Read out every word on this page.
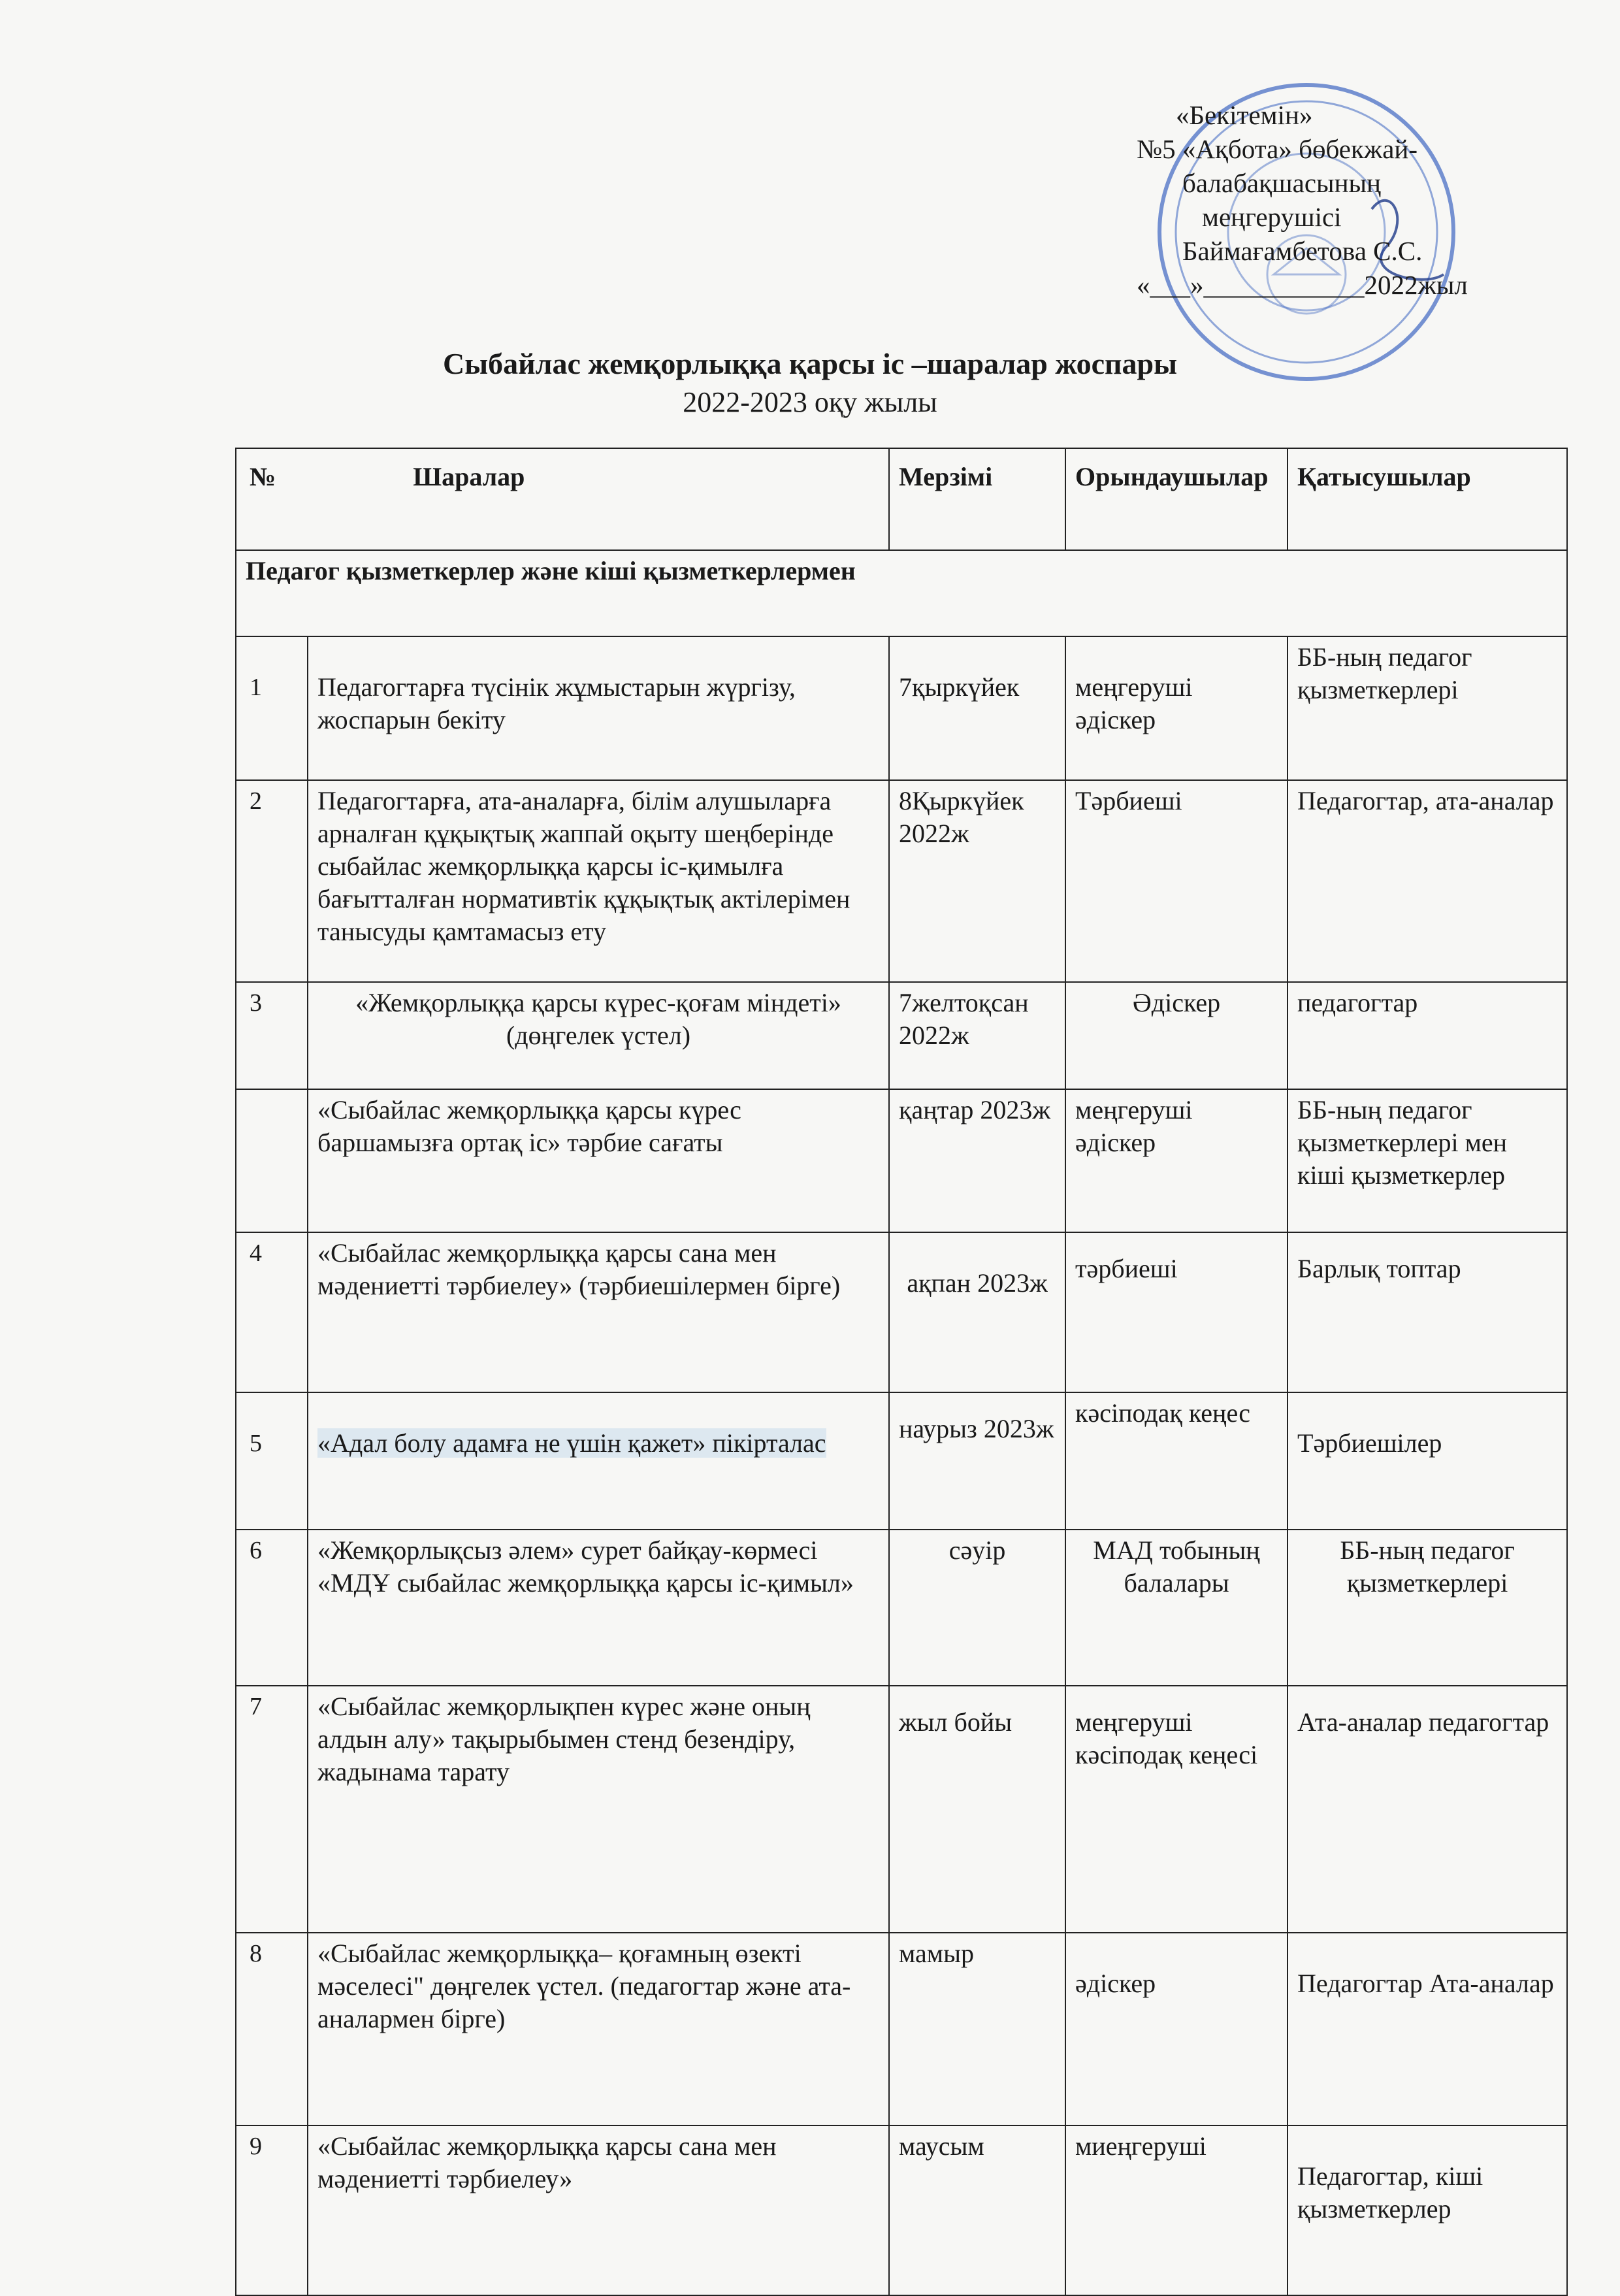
«Бекітемін»
№5 «Ақбота» бөбекжай-
балабақшасының
меңгерушісі
Баймағамбетова С.С.
«___»____________2022жыл
Сыбайлас жемқорлыққа қарсы іс –шаралар жоспары
2022-2023 оқу жылы
№ Шаралар		Мерзімі	Орындаушылар	Қатысушылар
Педагог қызметкерлер және кіші қызметкерлермен				
1	Педагогтарға түсінік жұмыстарын жүргізу, жоспарын бекіту	7қыркүйек	меңгеруші әдіскер	ББ-ның педагог қызметкерлері
2	Педагогтарға, ата-аналарға, білім алушыларға арналған құқықтық жаппай оқыту шеңберінде сыбайлас жемқорлыққа қарсы іс-қимылға бағытталған нормативтік құқықтық актілерімен танысуды қамтамасыз ету	8Қыркүйек 2022ж	Тәрбиеші	Педагогтар, ата-аналар
3	«Жемқорлыққа қарсы күрес-қоғам міндеті» (дөңгелек үстел)	7желтоқсан 2022ж	Әдіскер	педагогтар
	«Сыбайлас жемқорлыққа қарсы күрес баршамызға ортақ іс» тәрбие сағаты	қаңтар 2023ж	меңгеруші әдіскер	ББ-ның педагог қызметкерлері мен кіші қызметкерлер
4	«Сыбайлас жемқорлыққа қарсы сана мен мәдениетті тәрбиелеу» (тәрбиешілермен бірге)	ақпан 2023ж	тәрбиеші	Барлық топтар
5	«Адал болу адамға не үшін қажет» пікірталас	наурыз 2023ж	кәсіподақ кеңес	Тәрбиешілер
6	«Жемқорлықсыз әлем» сурет байқау-көрмесі «МДҰ сыбайлас жемқорлыққа қарсы іс-қимыл»	сәуір	МАД тобының балалары	ББ-ның педагог қызметкерлері
7	«Сыбайлас жемқорлықпен күрес және оның алдын алу» тақырыбымен стенд безендіру, жадынама тарату	жыл бойы	меңгеруші кәсіподақ кеңесі	Ата-аналар педагогтар
8	«Сыбайлас жемқорлыққа– қоғамның өзекті мәселесі" дөңгелек үстел. (педагогтар және ата-аналармен бірге)	мамыр	әдіскер	Педагогтар Ата-аналар
9	«Сыбайлас жемқорлыққа қарсы сана мен мәдениетті тәрбиелеу»	маусым	миеңгеруші	Педагогтар, кіші қызметкерлер
